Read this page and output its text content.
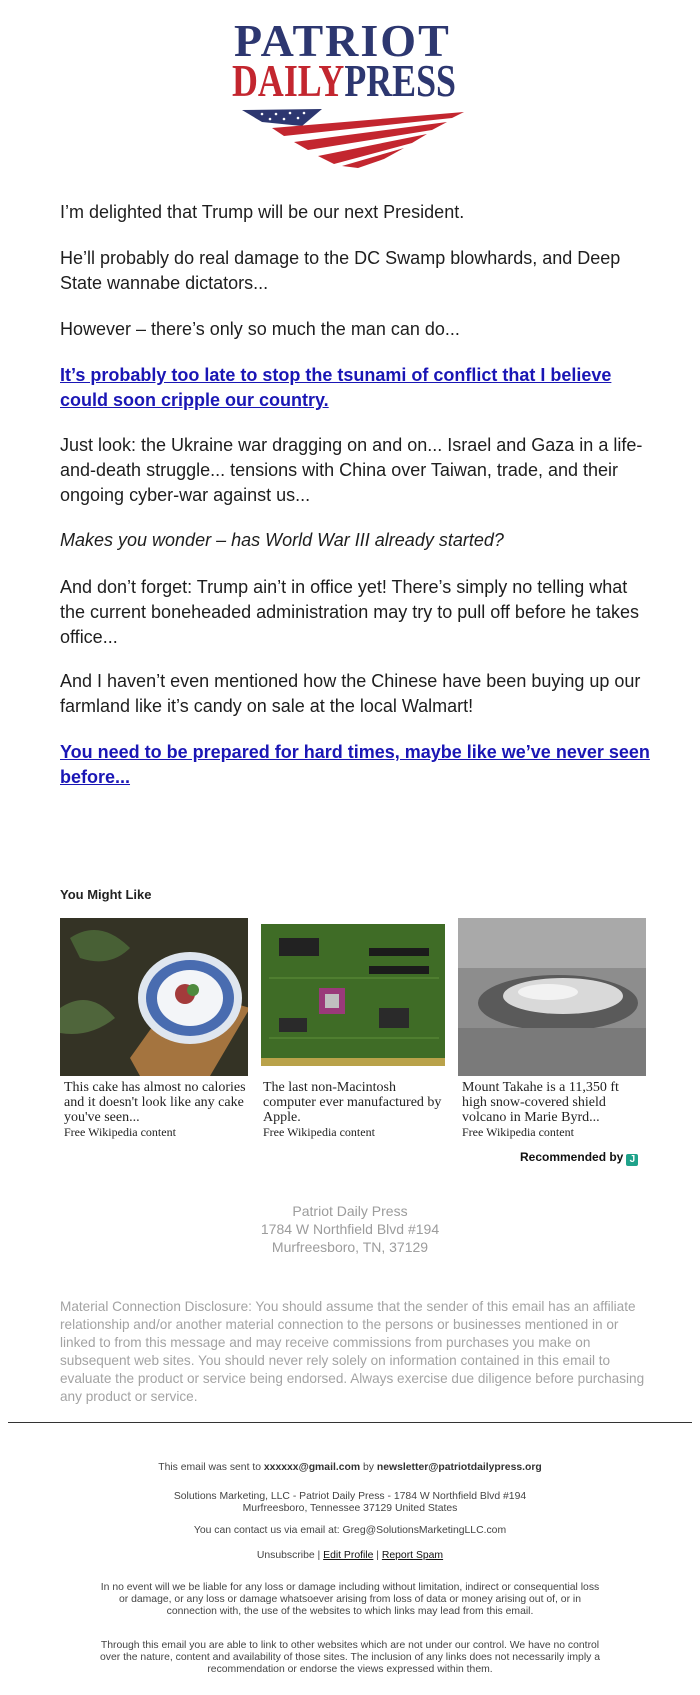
PATRIOT
DAILYPRESS

I’m delighted that Trump will be our next President.

He’ll probably do real damage to the DC Swamp blowhards, and Deep State wannabe dictators...

However – there’s only so much the man can do...

It’s probably too late to stop the tsunami of conflict that I believe could soon cripple our country.

Just look: the Ukraine war dragging on and on... Israel and Gaza in a life-and-death struggle... tensions with China over Taiwan, trade, and their ongoing cyber-war against us...

Makes you wonder – has World War III already started?

And don’t forget: Trump ain’t in office yet! There’s simply no telling what the current boneheaded administration may try to pull off before he takes office...

And I haven’t even mentioned how the Chinese have been buying up our farmland like it’s candy on sale at the local Walmart!

You need to be prepared for hard times, maybe like we’ve never seen before...

You Might Like
This cake has almost no calories and it doesn't look like any cake you've seen...
Free Wikipedia content
The last non-Macintosh computer ever manufactured by Apple.
Free Wikipedia content
Mount Takahe is a 11,350 ft high snow-covered shield volcano in Marie Byrd...
Free Wikipedia content
Recommended by J
Patriot Daily Press
1784 W Northfield Blvd #194
Murfreesboro, TN, 37129
Material Connection Disclosure: You should assume that the sender of this email has an affiliate relationship and/or another material connection to the persons or businesses mentioned in or linked to from this message and may receive commissions from purchases you make on subsequent web sites. You should never rely solely on information contained in this email to evaluate the product or service being endorsed. Always exercise due diligence before purchasing any product or service.
This email was sent to xxxxxx@gmail.com by newsletter@patriotdailypress.org
Solutions Marketing, LLC - Patriot Daily Press - 1784 W Northfield Blvd #194
Murfreesboro, Tennessee 37129 United States
You can contact us via email at: Greg@SolutionsMarketingLLC.com
Unsubscribe | Edit Profile | Report Spam
In no event will we be liable for any loss or damage including without limitation, indirect or consequential loss or damage, or any loss or damage whatsoever arising from loss of data or money arising out of, or in connection with, the use of the websites to which links may lead from this email.
Through this email you are able to link to other websites which are not under our control. We have no control over the nature, content and availability of those sites. The inclusion of any links does not necessarily imply a recommendation or endorse the views expressed within them.
